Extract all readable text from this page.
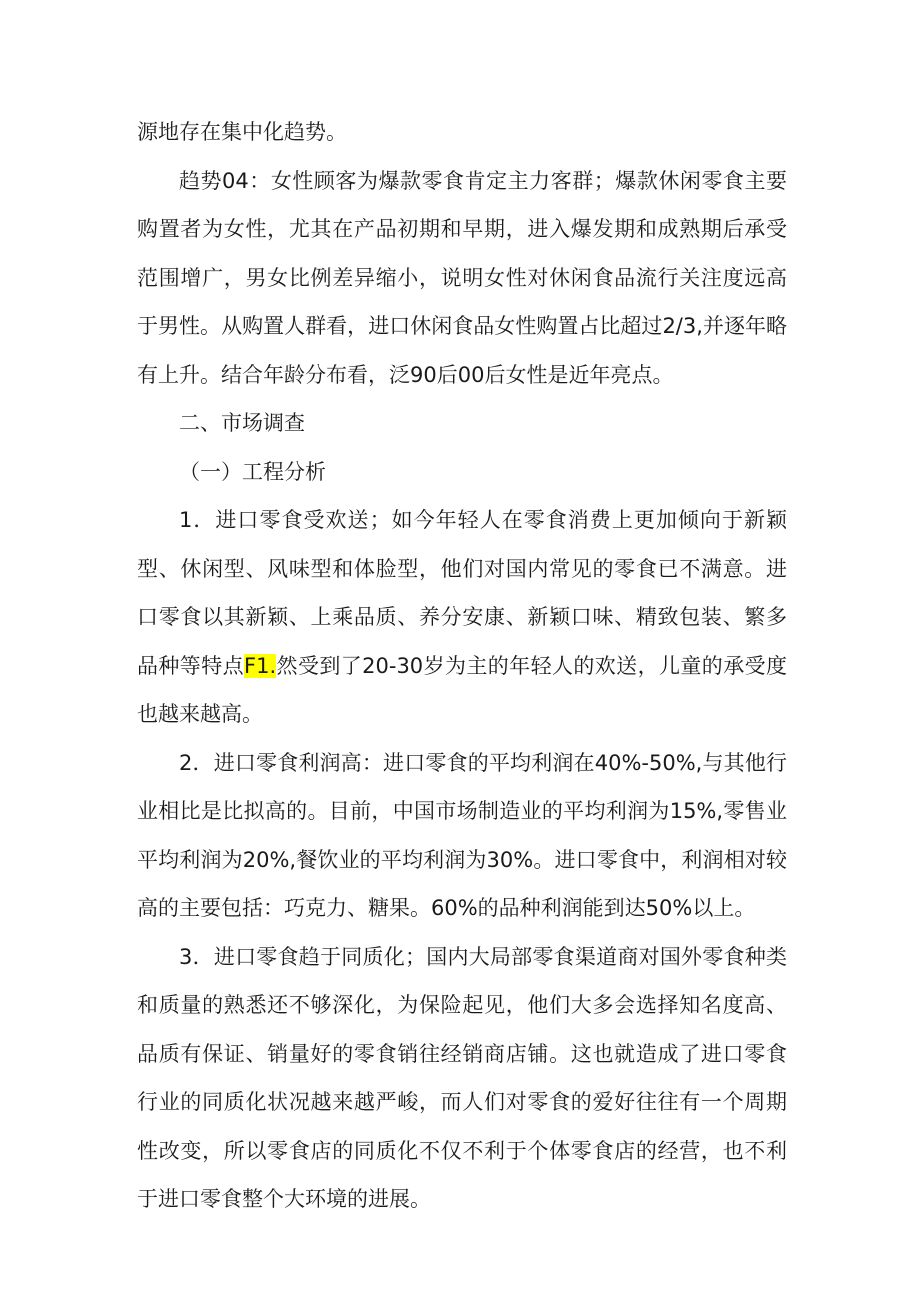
源地存在集中化趋势。

趋势04：女性顾客为爆款零食肯定主力客群；爆款休闲零食主要购置者为女性，尤其在产品初期和早期，进入爆发期和成熟期后承受范围增广，男女比例差异缩小，说明女性对休闲食品流行关注度远高于男性。从购置人群看，进口休闲食品女性购置占比超过2/3,并逐年略有上升。结合年龄分布看，泛90后00后女性是近年亮点。

二、市场调查

（一）工程分析

1．进口零食受欢送；如今年轻人在零食消费上更加倾向于新颖型、休闲型、风味型和体脸型，他们对国内常见的零食已不满意。进口零食以其新颖、上乘品质、养分安康、新颖口味、精致包装、繁多品种等特点F1.然受到了20-30岁为主的年轻人的欢送，儿童的承受度也越来越高。

2．进口零食利润高：进口零食的平均利润在40%-50%,与其他行业相比是比拟高的。目前，中国市场制造业的平均利润为15%,零售业平均利润为20%,餐饮业的平均利润为30%。进口零食中，利润相对较高的主要包括：巧克力、糖果。60%的品种利润能到达50%以上。

3．进口零食趋于同质化；国内大局部零食渠道商对国外零食种类和质量的熟悉还不够深化，为保险起见，他们大多会选择知名度高、品质有保证、销量好的零食销往经销商店铺。这也就造成了进口零食行业的同质化状况越来越严峻，而人们对零食的爱好往往有一个周期性改变，所以零食店的同质化不仅不利于个体零食店的经营，也不利于进口零食整个大环境的进展。
